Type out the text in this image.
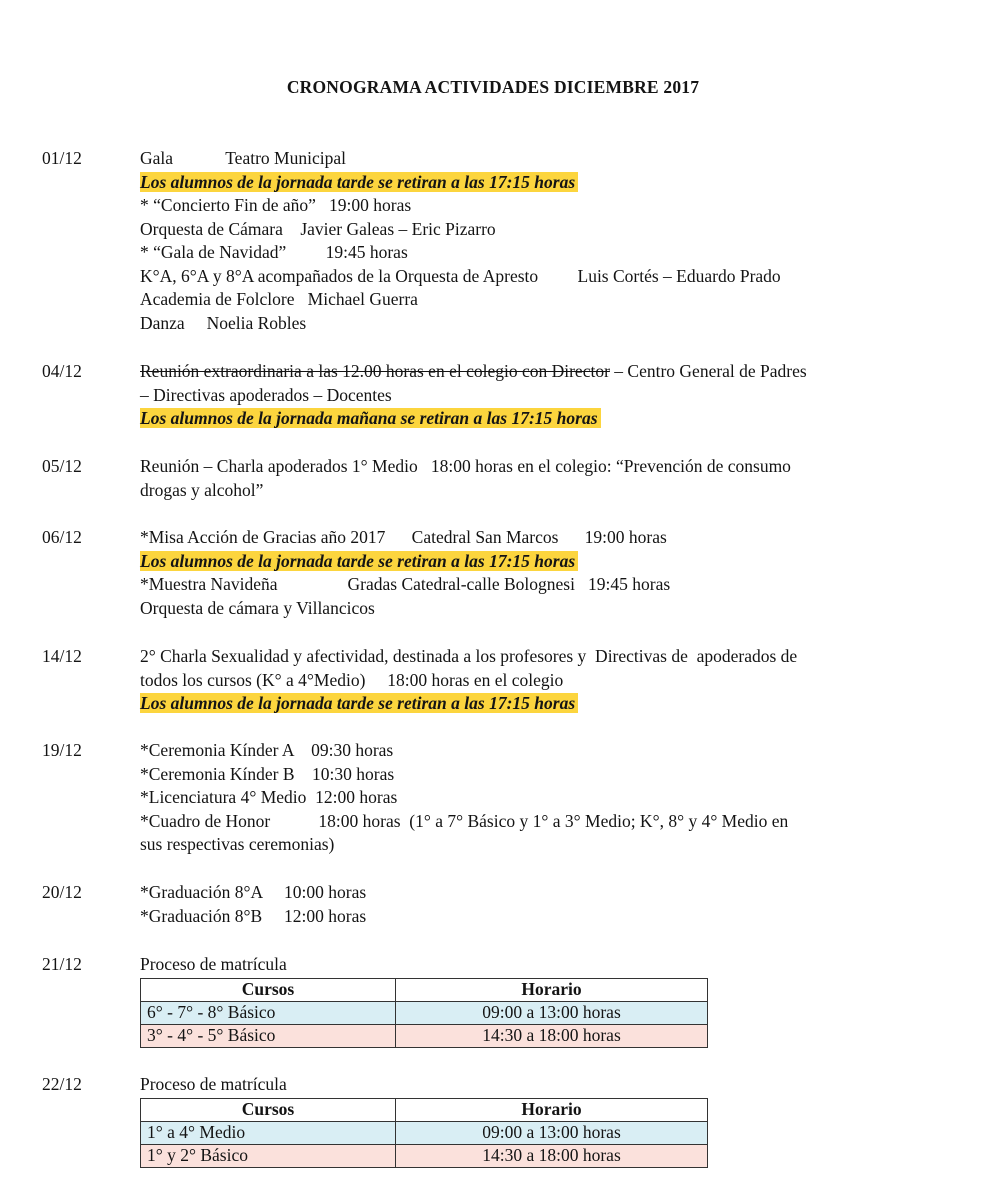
CRONOGRAMA ACTIVIDADES DICIEMBRE 2017
01/12	Gala            Teatro Municipal
Los alumnos de la jornada tarde se retiran a las 17:15 horas
* “Concierto Fin de año”   19:00 horas
Orquesta de Cámara    Javier Galeas – Eric Pizarro
* “Gala de Navidad”         19:45 horas
K°A, 6°A y 8°A acompañados de la Orquesta de Apresto         Luis Cortés – Eduardo Prado
Academia de Folclore   Michael Guerra
Danza     Noelia Robles
04/12	Reunión extraordinaria a las 12.00 horas en el colegio con Director – Centro General de Padres
– Directivas apoderados – Docentes
Los alumnos de la jornada mañana se retiran a las 17:15 horas
05/12	Reunión – Charla apoderados 1° Medio   18:00 horas en el colegio: “Prevención de consumo
drogas y alcohol”
06/12	*Misa Acción de Gracias año 2017      Catedral San Marcos      19:00 horas
Los alumnos de la jornada tarde se retiran a las 17:15 horas
*Muestra Navideña                Gradas Catedral-calle Bolognesi   19:45 horas
Orquesta de cámara y Villancicos
14/12	2° Charla Sexualidad y afectividad, destinada a los profesores y  Directivas de  apoderados de
todos los cursos (K° a 4°Medio)     18:00 horas en el colegio
Los alumnos de la jornada tarde se retiran a las 17:15 horas
19/12	*Ceremonia Kínder A    09:30 horas
*Ceremonia Kínder B    10:30 horas
*Licenciatura 4° Medio  12:00 horas
*Cuadro de Honor           18:00 horas  (1° a 7° Básico y 1° a 3° Medio; K°, 8° y 4° Medio en
sus respectivas ceremonias)
20/12	*Graduación 8°A     10:00 horas
*Graduación 8°B     12:00 horas
21/12	Proceso de matrícula
Cursos	Horario
6° - 7° - 8° Básico	09:00 a 13:00 horas
3° - 4° - 5° Básico	14:30 a 18:00 horas
22/12	Proceso de matrícula
Cursos	Horario
1° a 4° Medio	09:00 a 13:00 horas
1° y 2° Básico	14:30 a 18:00 horas
